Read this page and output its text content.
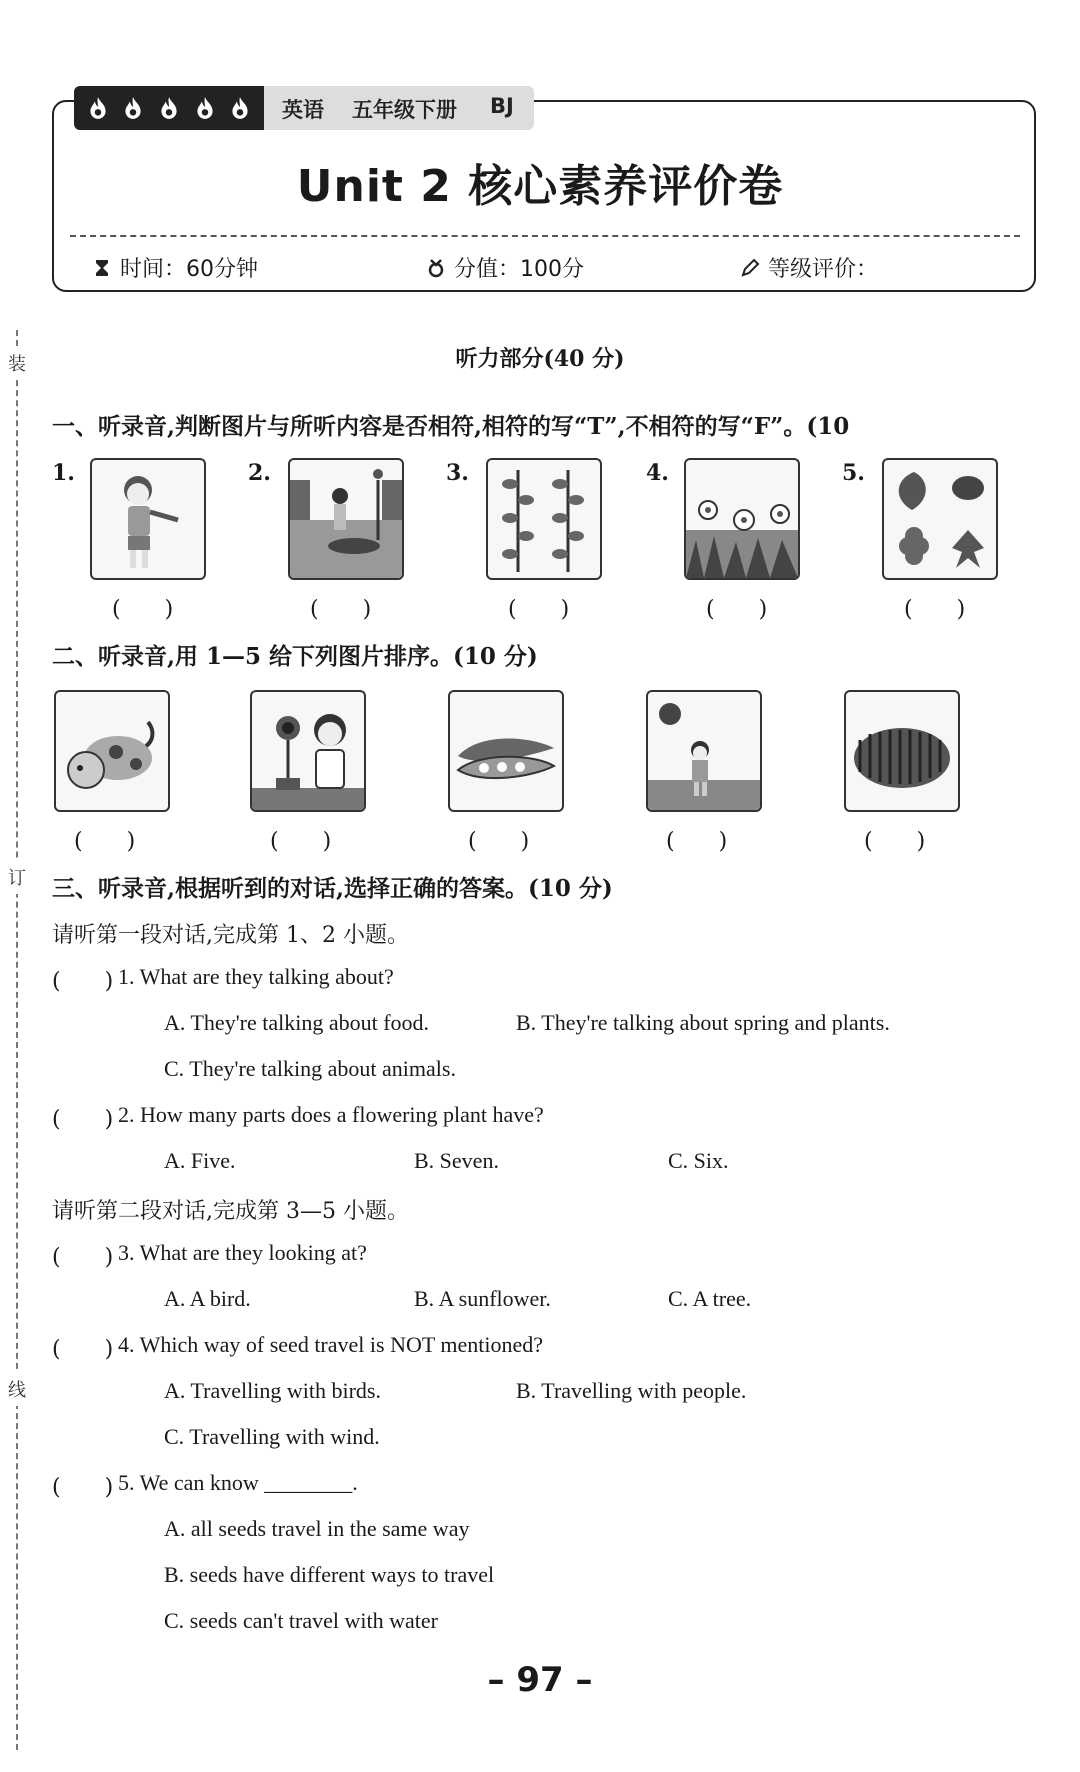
英语 五年级下册 BJ
Unit 2 核心素养评价卷
时间：60分钟	分值：100分	等级评价：
装
订
线
听力部分(40 分)
一、听录音,判断图片与所听内容是否相符,相符的写“T”,不相符的写“F”。(10
1.
(　　)
2.
(　　)
3.
(　　)
4.
(　　)
5.
(　　)
二、听录音,用 1—5 给下列图片排序。(10 分)
(　　)	(　　)	(　　)	(　　)	(　　)
三、听录音,根据听到的对话,选择正确的答案。(10 分)
请听第一段对话,完成第 1、2 小题。
(　　) 1. What are they talking about?
A. They're talking about food.	B. They're talking about spring and plants.
C. They're talking about animals.
(　　) 2. How many parts does a flowering plant have?
A. Five.	B. Seven.	C. Six.
请听第二段对话,完成第 3—5 小题。
(　　) 3. What are they looking at?
A. A bird.	B. A sunflower.	C. A tree.
(　　) 4. Which way of seed travel is NOT mentioned?
A. Travelling with birds.	B. Travelling with people.
C. Travelling with wind.
(　　) 5. We can know ________.
A. all seeds travel in the same way
B. seeds have different ways to travel
C. seeds can't travel with water
– 97 –
